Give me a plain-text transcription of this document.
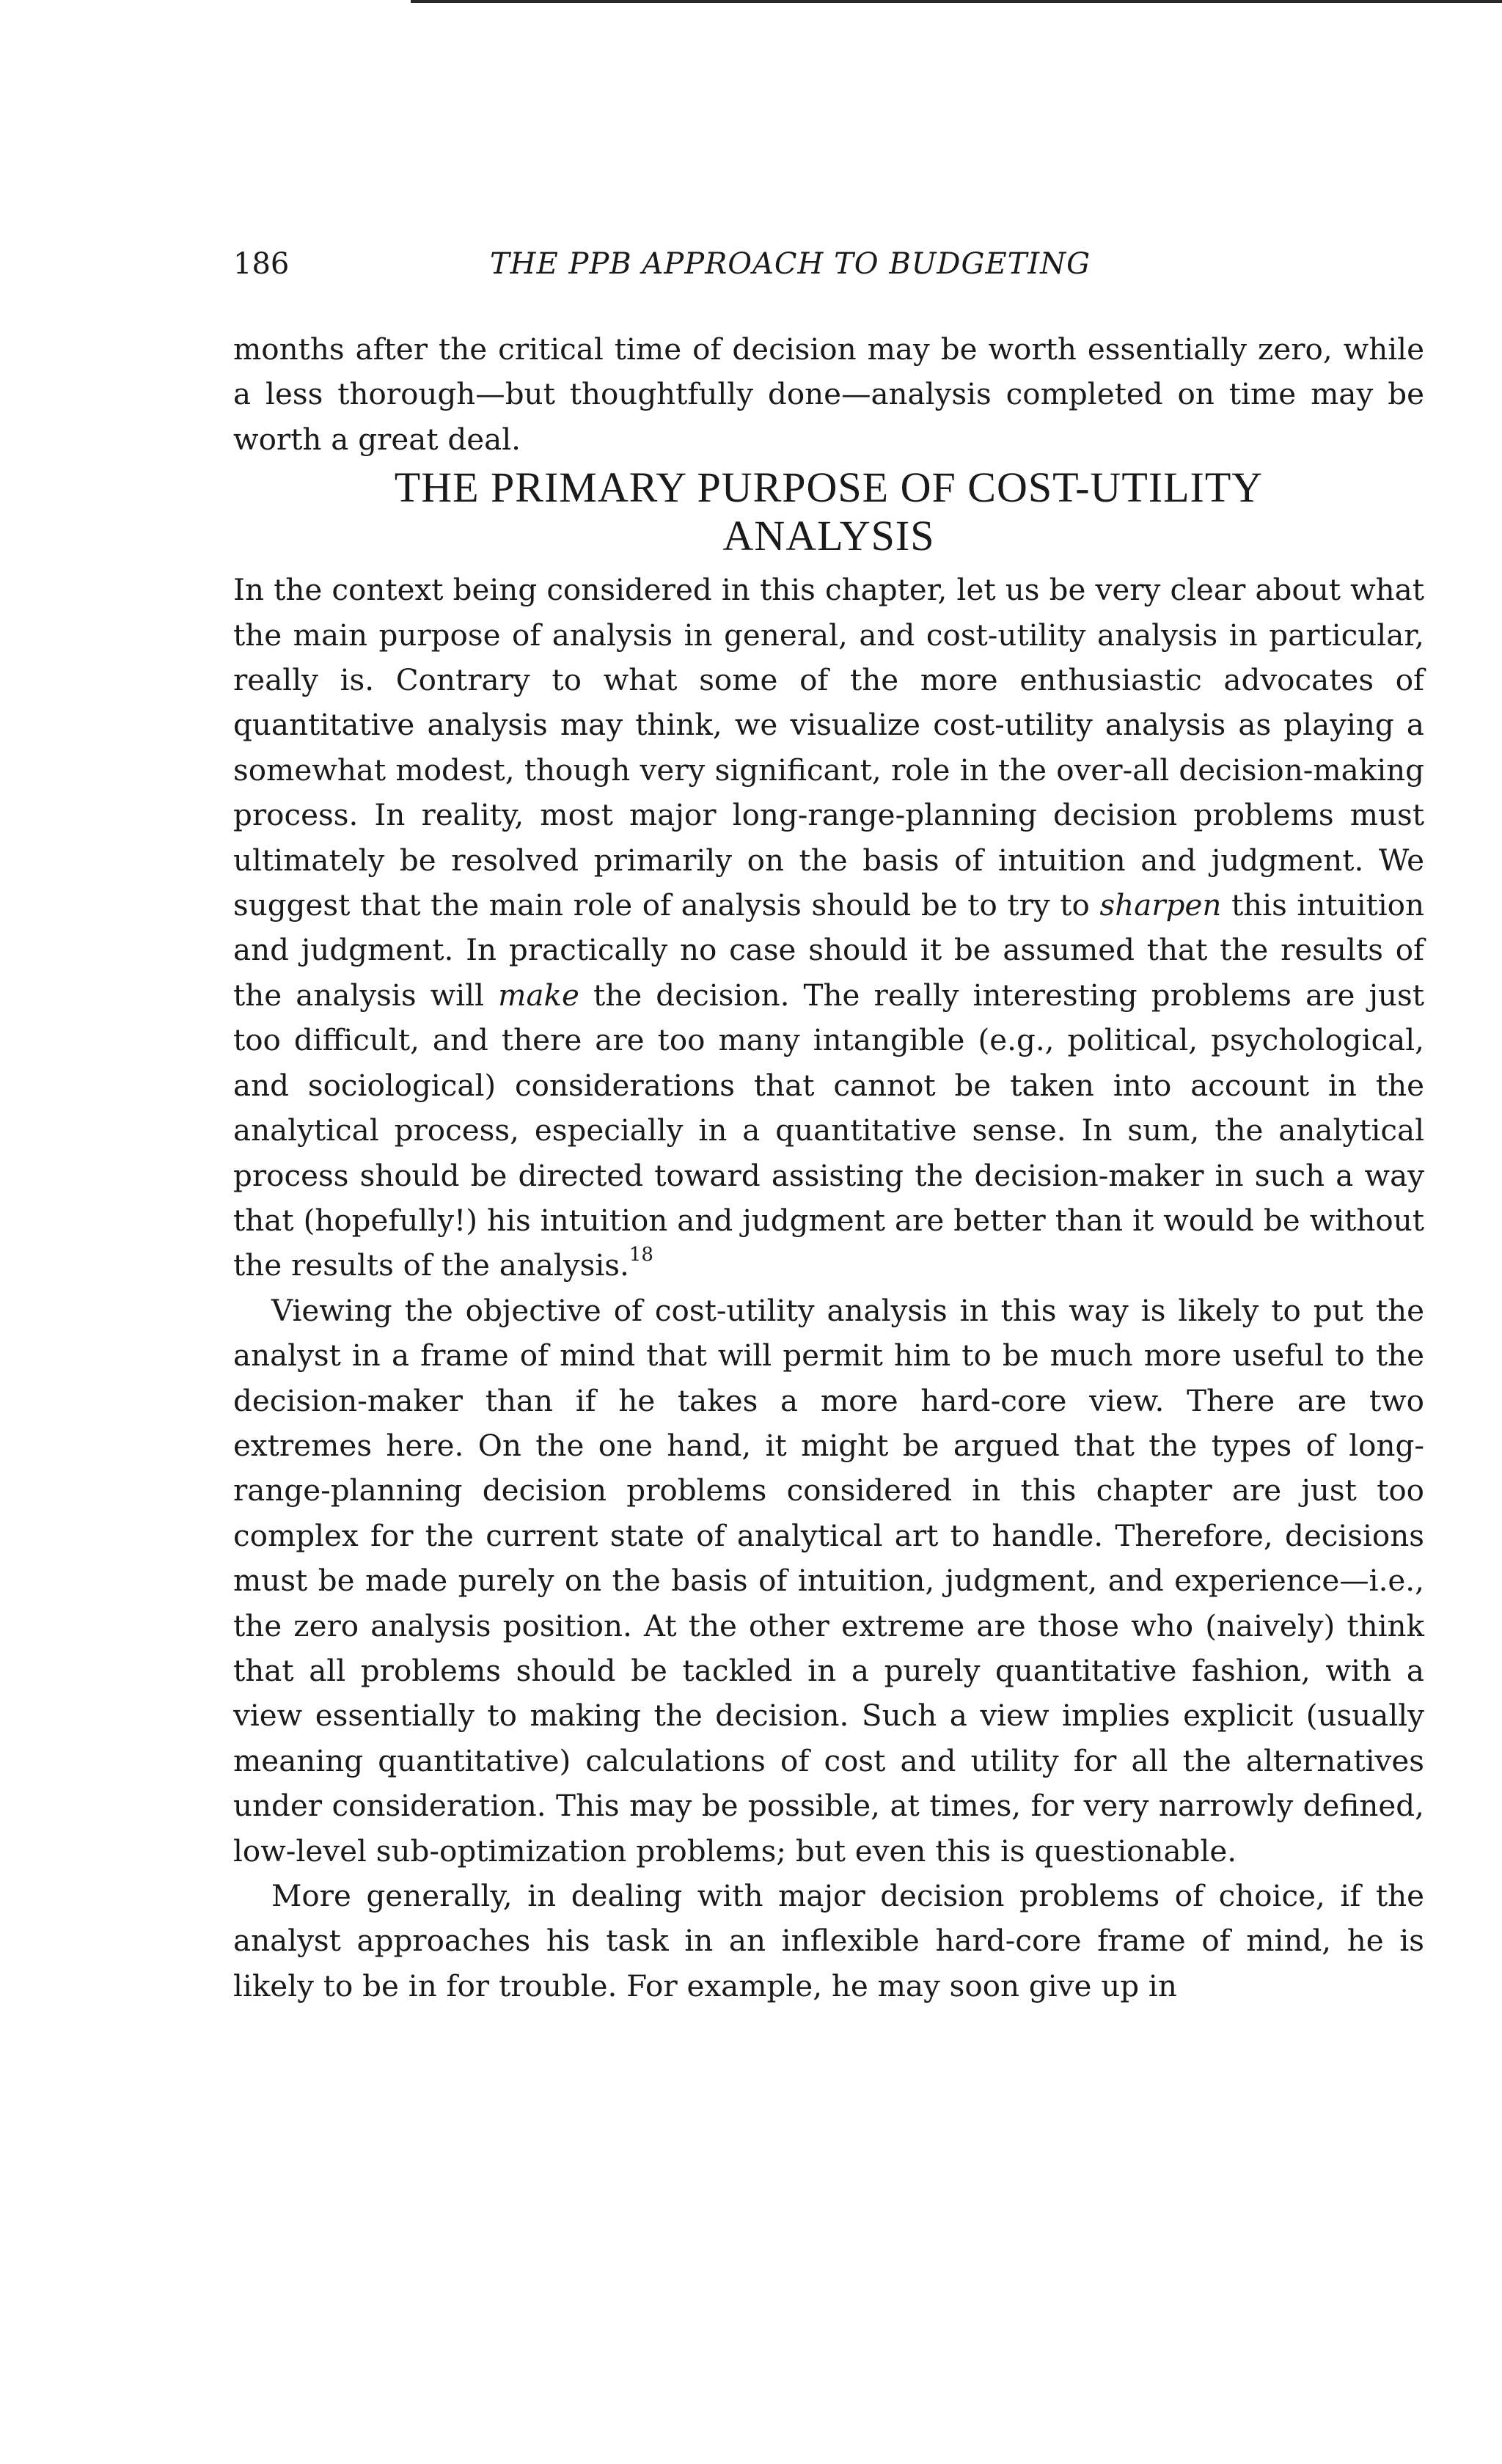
186	THE PPB APPROACH TO BUDGETING

months after the critical time of decision may be worth essentially zero, while a less thorough—but thoughtfully done—analysis completed on time may be worth a great deal.

THE PRIMARY PURPOSE OF COST-UTILITY
ANALYSIS

In the context being considered in this chapter, let us be very clear about what the main purpose of analysis in general, and cost-utility analysis in particular, really is. Contrary to what some of the more enthusiastic advocates of quantitative analysis may think, we visualize cost-utility analysis as playing a somewhat modest, though very significant, role in the over-all decision-making process. In reality, most major long-range-planning decision problems must ultimately be resolved primarily on the basis of intuition and judgment. We suggest that the main role of analysis should be to try to sharpen this intuition and judgment. In practically no case should it be assumed that the results of the analysis will make the decision. The really interesting problems are just too difficult, and there are too many intangible (e.g., political, psychological, and sociological) considerations that cannot be taken into account in the analytical process, especially in a quantitative sense. In sum, the analytical process should be directed toward assisting the decision-maker in such a way that (hopefully!) his intuition and judgment are better than it would be without the results of the analysis.$^{18}$

Viewing the objective of cost-utility analysis in this way is likely to put the analyst in a frame of mind that will permit him to be much more useful to the decision-maker than if he takes a more hard-core view. There are two extremes here. On the one hand, it might be argued that the types of long-range-planning decision problems considered in this chapter are just too complex for the current state of analytical art to handle. Therefore, decisions must be made purely on the basis of intuition, judgment, and experience—i.e., the zero analysis position. At the other extreme are those who (naively) think that all problems should be tackled in a purely quantitative fashion, with a view essentially to making the decision. Such a view implies explicit (usually meaning quantitative) calculations of cost and utility for all the alternatives under consideration. This may be possible, at times, for very narrowly defined, low-level sub-optimization problems; but even this is questionable.

More generally, in dealing with major decision problems of choice, if the analyst approaches his task in an inflexible hard-core frame of mind, he is likely to be in for trouble. For example, he may soon give up in
